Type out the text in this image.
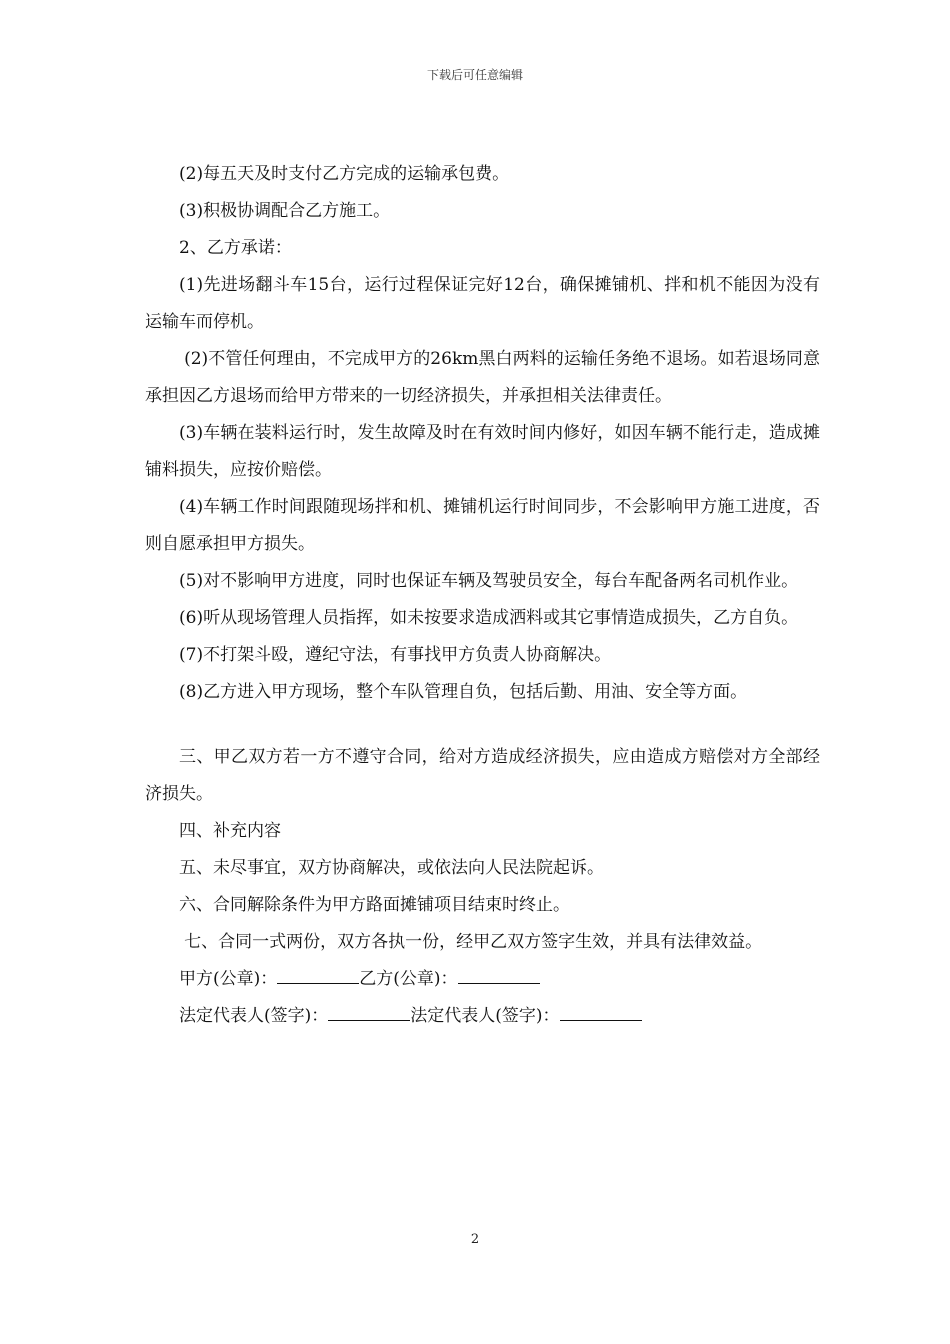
下载后可任意编辑

(2)每五天及时支付乙方完成的运输承包费。

(3)积极协调配合乙方施工。

2、乙方承诺：

(1)先进场翻斗车15台，运行过程保证完好12台，确保摊铺机、拌和机不能因为没有运输车而停机。

(2)不管任何理由，不完成甲方的26km黑白两料的运输任务绝不退场。如若退场同意承担因乙方退场而给甲方带来的一切经济损失，并承担相关法律责任。

(3)车辆在装料运行时，发生故障及时在有效时间内修好，如因车辆不能行走，造成摊铺料损失，应按价赔偿。

(4)车辆工作时间跟随现场拌和机、摊铺机运行时间同步，不会影响甲方施工进度，否则自愿承担甲方损失。

(5)对不影响甲方进度，同时也保证车辆及驾驶员安全，每台车配备两名司机作业。

(6)听从现场管理人员指挥，如未按要求造成洒料或其它事情造成损失，乙方自负。

(7)不打架斗殴，遵纪守法，有事找甲方负责人协商解决。

(8)乙方进入甲方现场，整个车队管理自负，包括后勤、用油、安全等方面。

三、甲乙双方若一方不遵守合同，给对方造成经济损失，应由造成方赔偿对方全部经济损失。

四、补充内容

五、未尽事宜，双方协商解决，或依法向人民法院起诉。

六、合同解除条件为甲方路面摊铺项目结束时终止。

七、合同一式两份，双方各执一份，经甲乙双方签字生效，并具有法律效益。

甲方(公章)：	乙方(公章)：

法定代表人(签字)：	法定代表人(签字)：

2
